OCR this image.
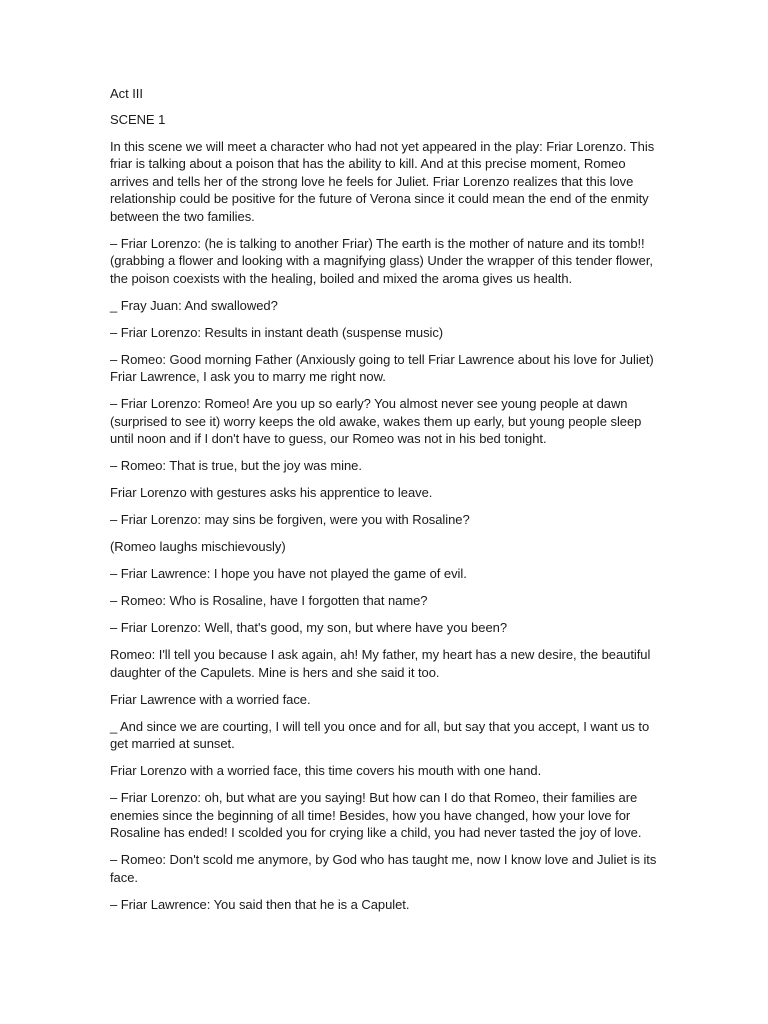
Act III

SCENE 1

In this scene we will meet a character who had not yet appeared in the play: Friar Lorenzo. This friar is talking about a poison that has the ability to kill. And at this precise moment, Romeo arrives and tells her of the strong love he feels for Juliet. Friar Lorenzo realizes that this love relationship could be positive for the future of Verona since it could mean the end of the enmity between the two families.

– Friar Lorenzo: (he is talking to another Friar) The earth is the mother of nature and its tomb!! (grabbing a flower and looking with a magnifying glass) Under the wrapper of this tender flower, the poison coexists with the healing, boiled and mixed the aroma gives us health.

_ Fray Juan: And swallowed?

– Friar Lorenzo: Results in instant death (suspense music)

– Romeo: Good morning Father (Anxiously going to tell Friar Lawrence about his love for Juliet) Friar Lawrence, I ask you to marry me right now.

– Friar Lorenzo: Romeo! Are you up so early? You almost never see young people at dawn (surprised to see it) worry keeps the old awake, wakes them up early, but young people sleep until noon and if I don't have to guess, our Romeo was not in his bed tonight.

– Romeo: That is true, but the joy was mine.

Friar Lorenzo with gestures asks his apprentice to leave.

– Friar Lorenzo: may sins be forgiven, were you with Rosaline?

(Romeo laughs mischievously)

– Friar Lawrence: I hope you have not played the game of evil.

– Romeo: Who is Rosaline, have I forgotten that name?

– Friar Lorenzo: Well, that's good, my son, but where have you been?

Romeo: I'll tell you because I ask again, ah! My father, my heart has a new desire, the beautiful daughter of the Capulets. Mine is hers and she said it too.

Friar Lawrence with a worried face.

_ And since we are courting, I will tell you once and for all, but say that you accept, I want us to get married at sunset.

Friar Lorenzo with a worried face, this time covers his mouth with one hand.

– Friar Lorenzo: oh, but what are you saying! But how can I do that Romeo, their families are enemies since the beginning of all time! Besides, how you have changed, how your love for Rosaline has ended! I scolded you for crying like a child, you had never tasted the joy of love.

– Romeo: Don't scold me anymore, by God who has taught me, now I know love and Juliet is its face.

– Friar Lawrence: You said then that he is a Capulet.
